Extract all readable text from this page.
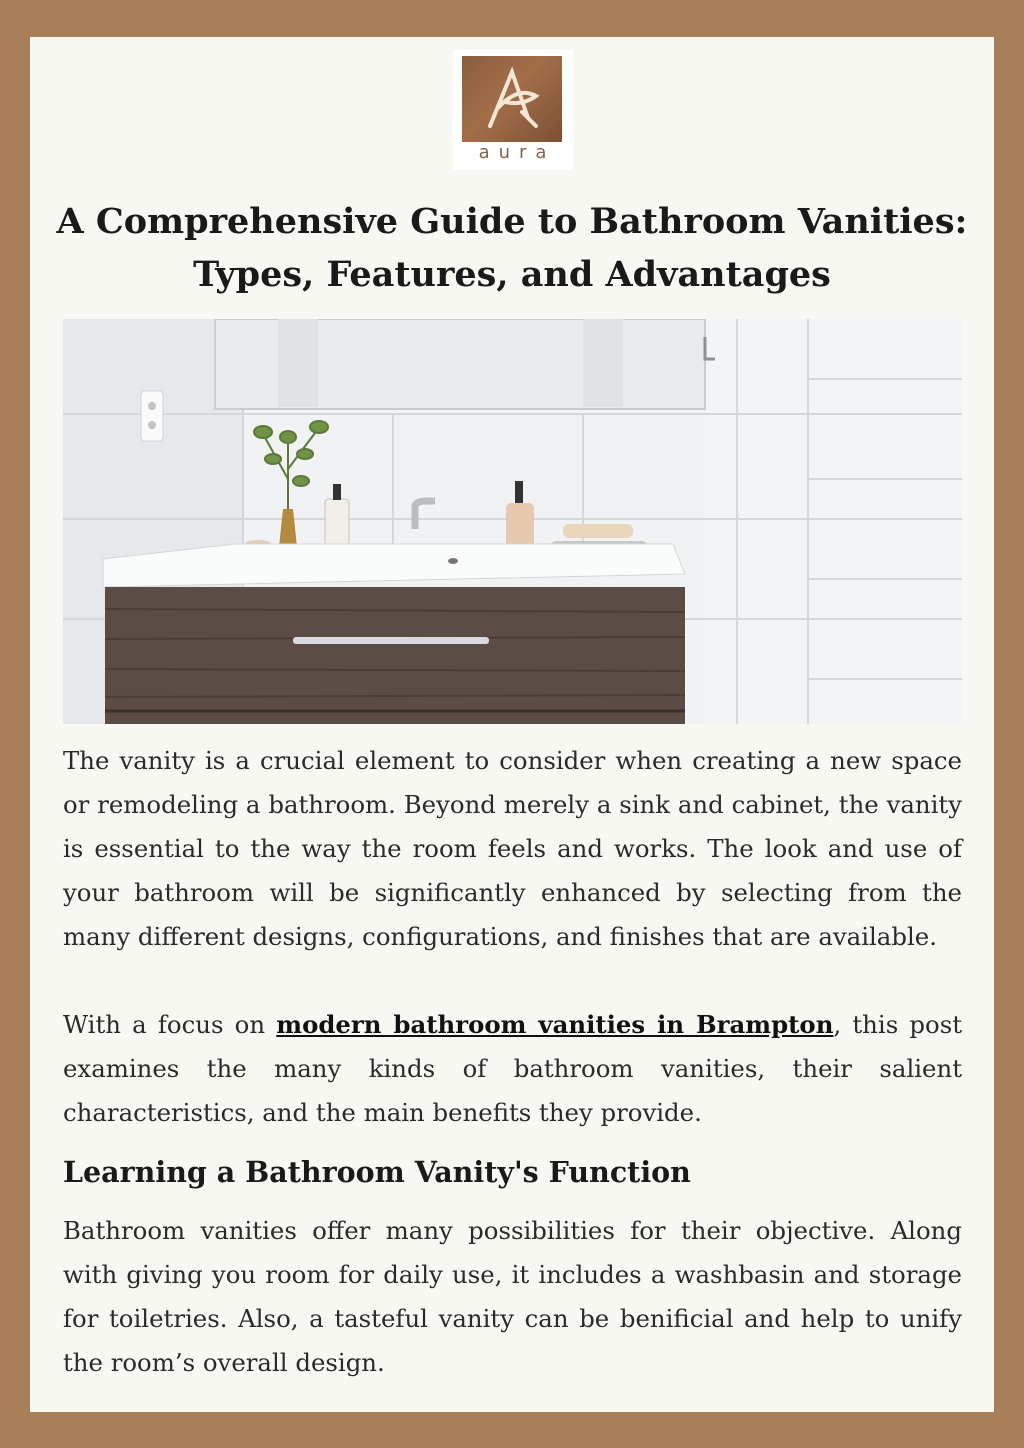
aura
A Comprehensive Guide to Bathroom Vanities: Types, Features, and Advantages

The vanity is a crucial element to consider when creating a new space or remodeling a bathroom. Beyond merely a sink and cabinet, the vanity is essential to the way the room feels and works. The look and use of your bathroom will be significantly enhanced by selecting from the many different designs, configurations, and finishes that are available.

With a focus on modern bathroom vanities in Brampton, this post examines the many kinds of bathroom vanities, their salient characteristics, and the main benefits they provide.

Learning a Bathroom Vanity's Function

Bathroom vanities offer many possibilities for their objective. Along with giving you room for daily use, it includes a washbasin and storage for toiletries. Also, a tasteful vanity can be benificial and help to unify the room’s overall design.
